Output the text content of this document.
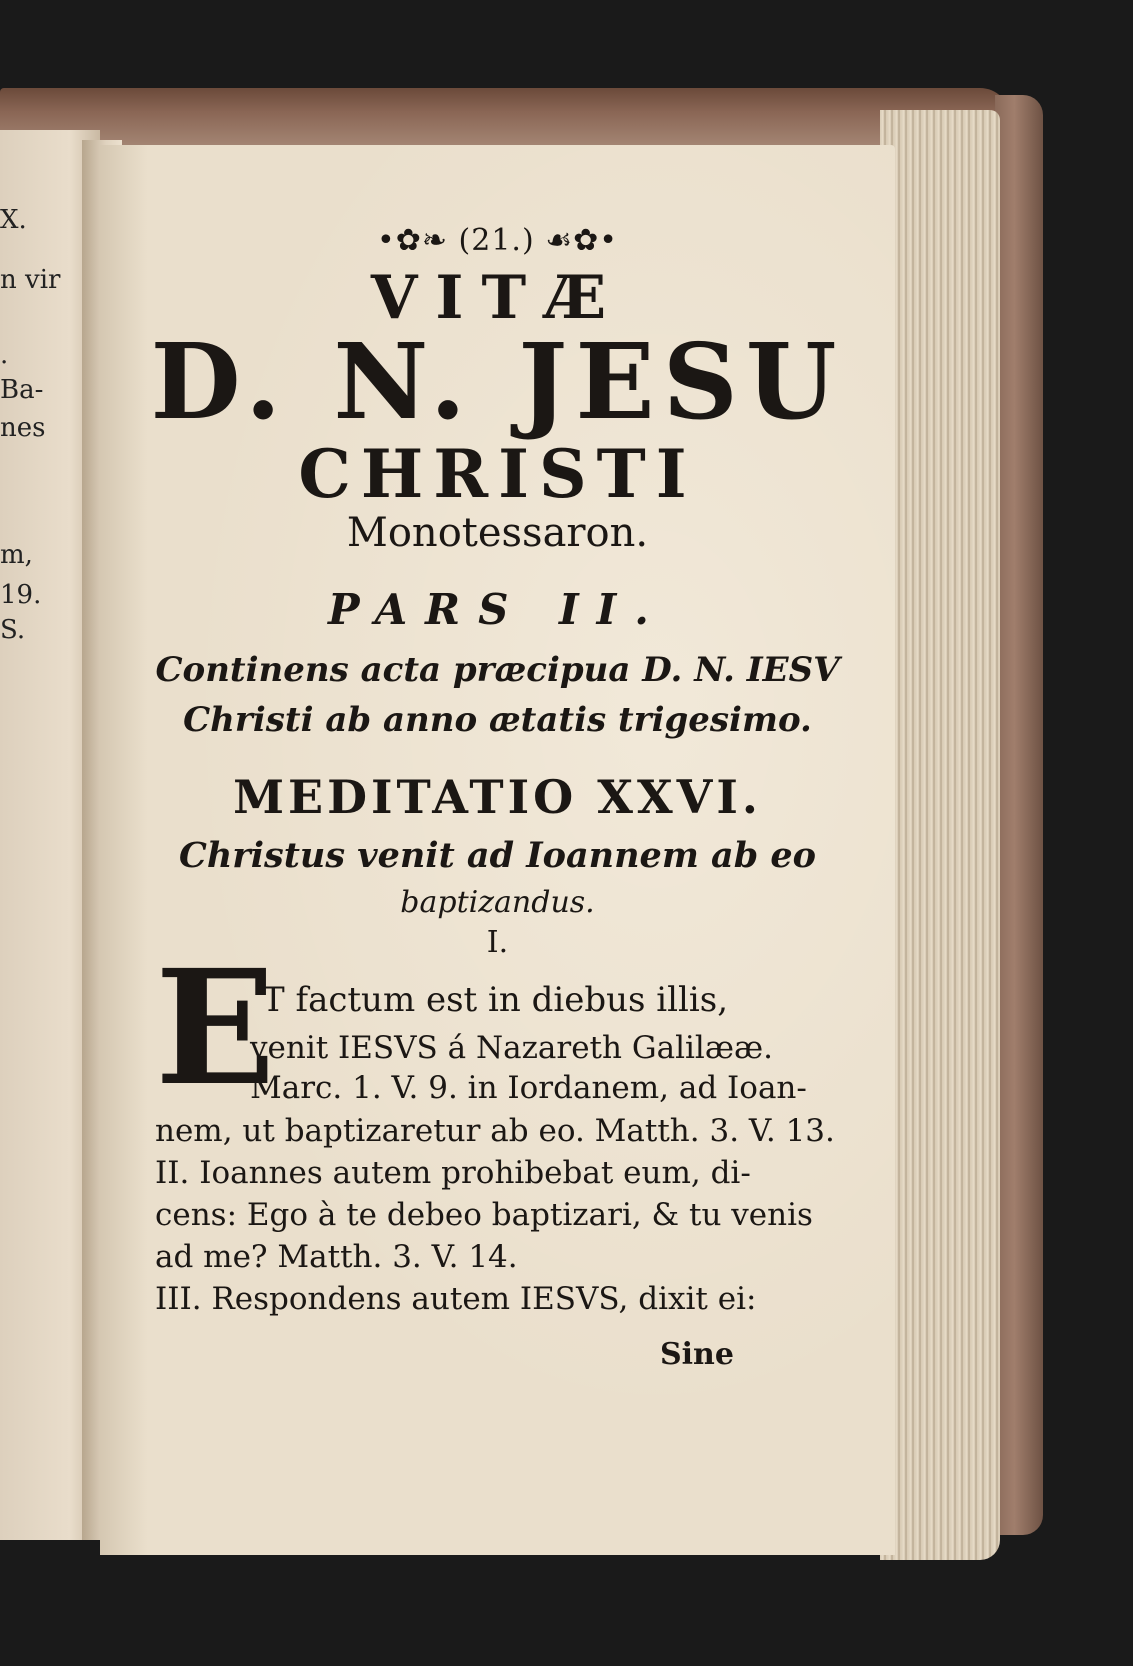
X.
n vir
.
Ba-
nes
m,
19.
S.
•✿❧ (21.) ☙✿•
VITÆ
D. N. JESU
CHRISTI
Monotessaron.
PARS II.
Continens acta præcipua D. N. IESV
Christi ab anno ætatis trigesimo.
MEDITATIO XXVI.
Christus venit ad Ioannem ab eo
baptizandus.
I.
E
T factum est in diebus illis,
venit IESVS á Nazareth Galilææ.
Marc. 1. V. 9. in Iordanem, ad Ioan-
nem, ut baptizaretur ab eo. Matth. 3. V. 13.
II. Ioannes autem prohibebat eum, di-
cens: Ego à te debeo baptizari, & tu venis
ad me? Matth. 3. V. 14.
III. Respondens autem IESVS, dixit ei:
Sine
